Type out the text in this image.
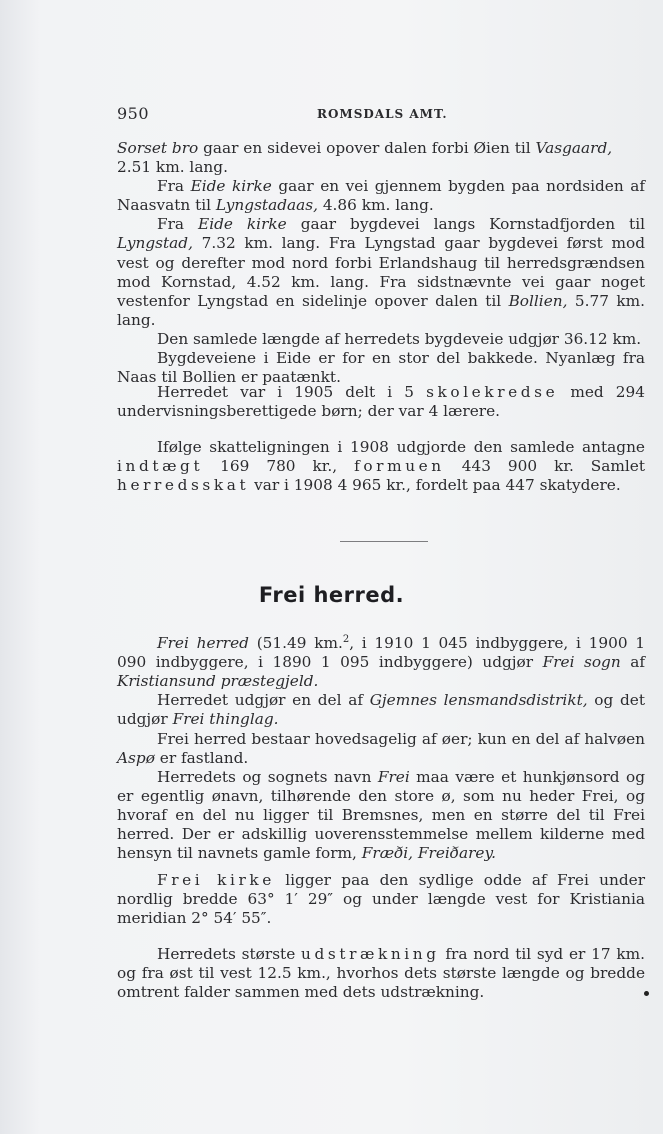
950	ROMSDALS AMT.

Sorset bro gaar en sidevei opover dalen forbi Øien til Vasgaard,
2.51 km. lang.

Fra Eide kirke gaar en vei gjennem bygden paa nordsiden af Naasvatn til Lyngstadaas, 4.86 km. lang.

Fra Eide kirke gaar bygdevei langs Kornstadfjorden til Lyngstad, 7.32 km. lang. Fra Lyngstad gaar bygdevei først mod vest og derefter mod nord forbi Erlandshaug til herredsgrændsen mod Kornstad, 4.52 km. lang. Fra sidstnævnte vei gaar noget vestenfor Lyngstad en sidelinje opover dalen til Bollien, 5.77 km. lang.

Den samlede længde af herredets bygdeveie udgjør 36.12 km.

Bygdeveiene i Eide er for en stor del bakkede. Nyanlæg fra Naas til Bollien er paatænkt.

Herredet var i 1905 delt i 5 skolekredse med 294 undervisningsberettigede børn; der var 4 lærere.

Ifølge skatteligningen i 1908 udgjorde den samlede antagne indtægt 169 780 kr., formuen 443 900 kr. Samlet herredsskat var i 1908 4 965 kr., fordelt paa 447 skatydere.

Frei herred.

Frei herred (51.49 km.$^2$, i 1910 1 045 indbyggere, i 1900 1 090 indbyggere, i 1890 1 095 indbyggere) udgjør Frei sogn af Kristiansund præstegjeld.

Herredet udgjør en del af Gjemnes lensmandsdistrikt, og det udgjør Frei thinglag.

Frei herred bestaar hovedsagelig af øer; kun en del af halvøen Aspø er fastland.

Herredets og sognets navn Frei maa være et hunkjønsord og er egentlig ønavn, tilhørende den store ø, som nu heder Frei, og hvoraf en del nu ligger til Bremsnes, men en større del til Frei herred. Der er adskillig uoverensstemmelse mellem kilderne med hensyn til navnets gamle form, Fræði, Freiðarey.

Frei kirke ligger paa den sydlige odde af Frei under nordlig bredde 63° 1′ 29″ og under længde vest for Kristiania meridian 2° 54′ 55″.

Herredets største udstrækning fra nord til syd er 17 km. og fra øst til vest 12.5 km., hvorhos dets største længde og bredde omtrent falder sammen med dets udstrækning.
